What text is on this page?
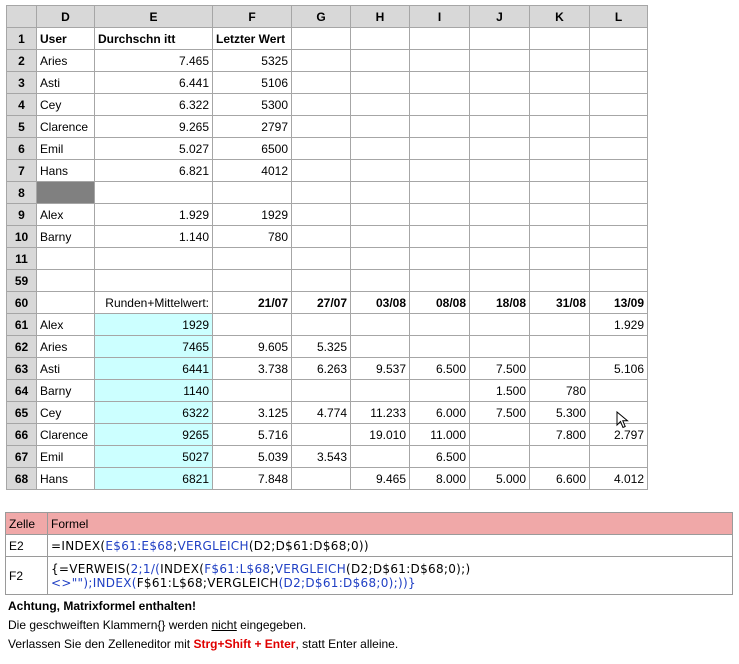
	D	E	F	G	H	I	J	K	L
1	User	Durchschn itt	Letzter Wert						
2	Aries	7.465	5325						
3	Asti	6.441	5106						
4	Cey	6.322	5300						
5	Clarence	9.265	2797						
6	Emil	5.027	6500						
7	Hans	6.821	4012						
8									
9	Alex	1.929	1929						
10	Barny	1.140	780						
11									
59									
60		Runden+Mittelwert:	21/07	27/07	03/08	08/08	18/08	31/08	13/09
61	Alex	1929							1.929
62	Aries	7465	9.605	5.325					
63	Asti	6441	3.738	6.263	9.537	6.500	7.500		5.106
64	Barny	1140					1.500	780	
65	Cey	6322	3.125	4.774	11.233	6.000	7.500	5.300	
66	Clarence	9265	5.716		19.010	11.000		7.800	2.797
67	Emil	5027	5.039	3.543		6.500			
68	Hans	6821	7.848		9.465	8.000	5.000	6.600	4.012
Zelle	Formel
E2	=INDEX(E$61:E$68;VERGLEICH(D2;D$61:D$68;0))
F2	{=VERWEIS(2;1/(INDEX(F$61:L$68;VERGLEICH(D2;D$61:D$68;0);)<>"");INDEX(F$61:L$68;VERGLEICH(D2;D$61:D$68;0);))}
Achtung, Matrixformel enthalten!
Die geschweiften Klammern{} werden nicht eingegeben.
Verlassen Sie den Zelleneditor mit Strg+Shift + Enter, statt Enter alleine.
